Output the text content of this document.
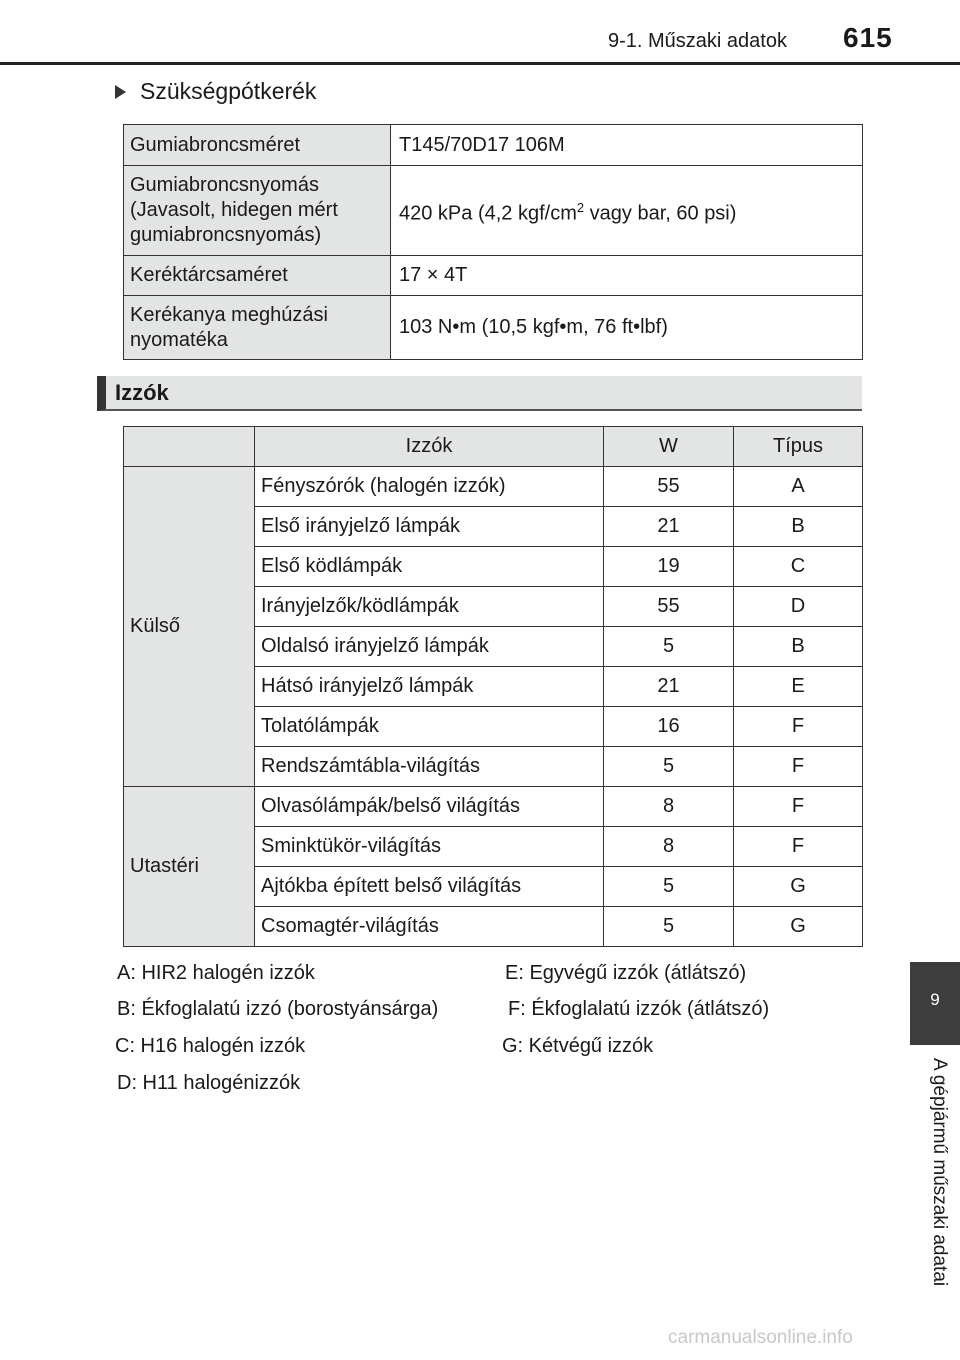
9-1. Műszaki adatok 615
Szükségpótkerék
Gumiabroncsméret	T145/70D17 106M
Gumiabroncsnyomás (Javasolt, hidegen mért gumiabroncsnyomás)	420 kPa (4,2 kgf/$cm^2$ vagy bar, 60 psi)
Keréktárcsaméret	17 × 4T
Kerékanya meghúzási nyomatéka	103 N•m (10,5 kgf•m, 76 ft•lbf)
Izzók
	Izzók	W	Típus
Külső	Fényszórók (halogén izzók)	55	A
	Első irányjelző lámpák	21	B
	Első ködlámpák	19	C
	Irányjelzők/ködlámpák	55	D
	Oldalsó irányjelző lámpák	5	B
	Hátsó irányjelző lámpák	21	E
	Tolatólámpák	16	F
	Rendszámtábla-világítás	5	F
Utastéri	Olvasólámpák/belső világítás	8	F
	Sminktükör-világítás	8	F
	Ajtókba épített belső világítás	5	G
	Csomagtér-világítás	5	G
A: HIR2 halogén izzók
B: Ékfoglalatú izzó (borostyánsárga)
C: H16 halogén izzók
D: H11 halogénizzók
E: Egyvégű izzók (átlátszó)
F: Ékfoglalatú izzók (átlátszó)
G: Kétvégű izzók
9
A gépjármű műszaki adatai
carmanualsonline.info
